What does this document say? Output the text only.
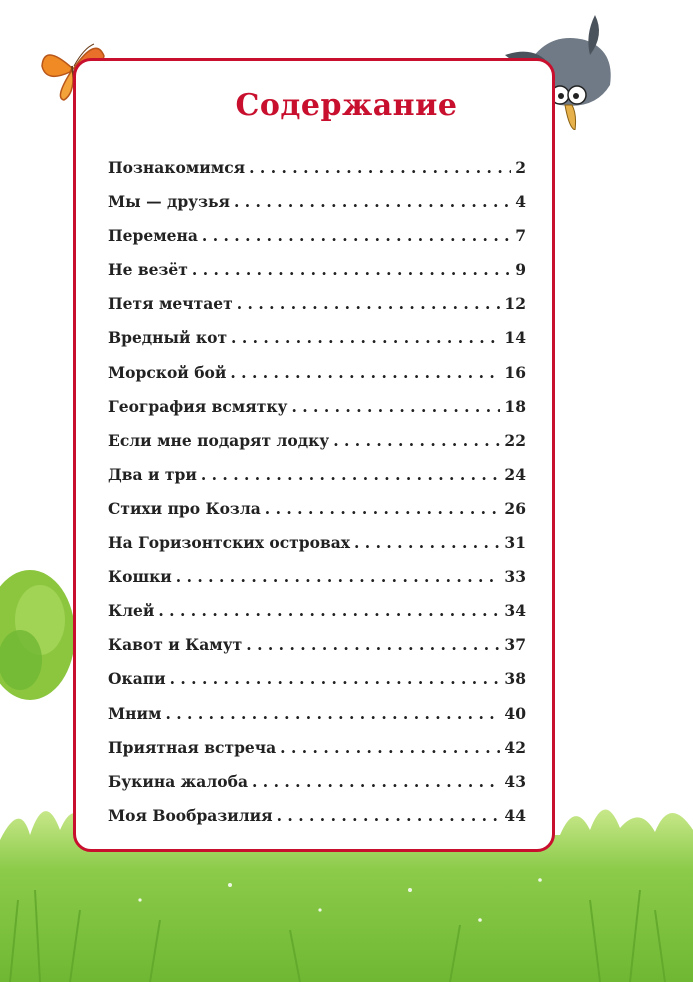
Содержание
Познакомимся . . .	2
Мы — друзья . . .	4
Перемена . . .	7
Не везёт . . .	9
Петя мечтает . . .	12
Вредный кот . . .	14
Морской бой . . .	16
География всмятку . . .	18
Если мне подарят лодку . . .	22
Два и три . . .	24
Стихи про Козла . . .	26
На Горизонтских островах . . .	31
Кошки . . .	33
Клей . . .	34
Кавот и Камут . . .	37
Окапи . . .	38
Мним . . .	40
Приятная встреча . . .	42
Букина жалоба . . .	43
Моя Вообразилия . . .	44
